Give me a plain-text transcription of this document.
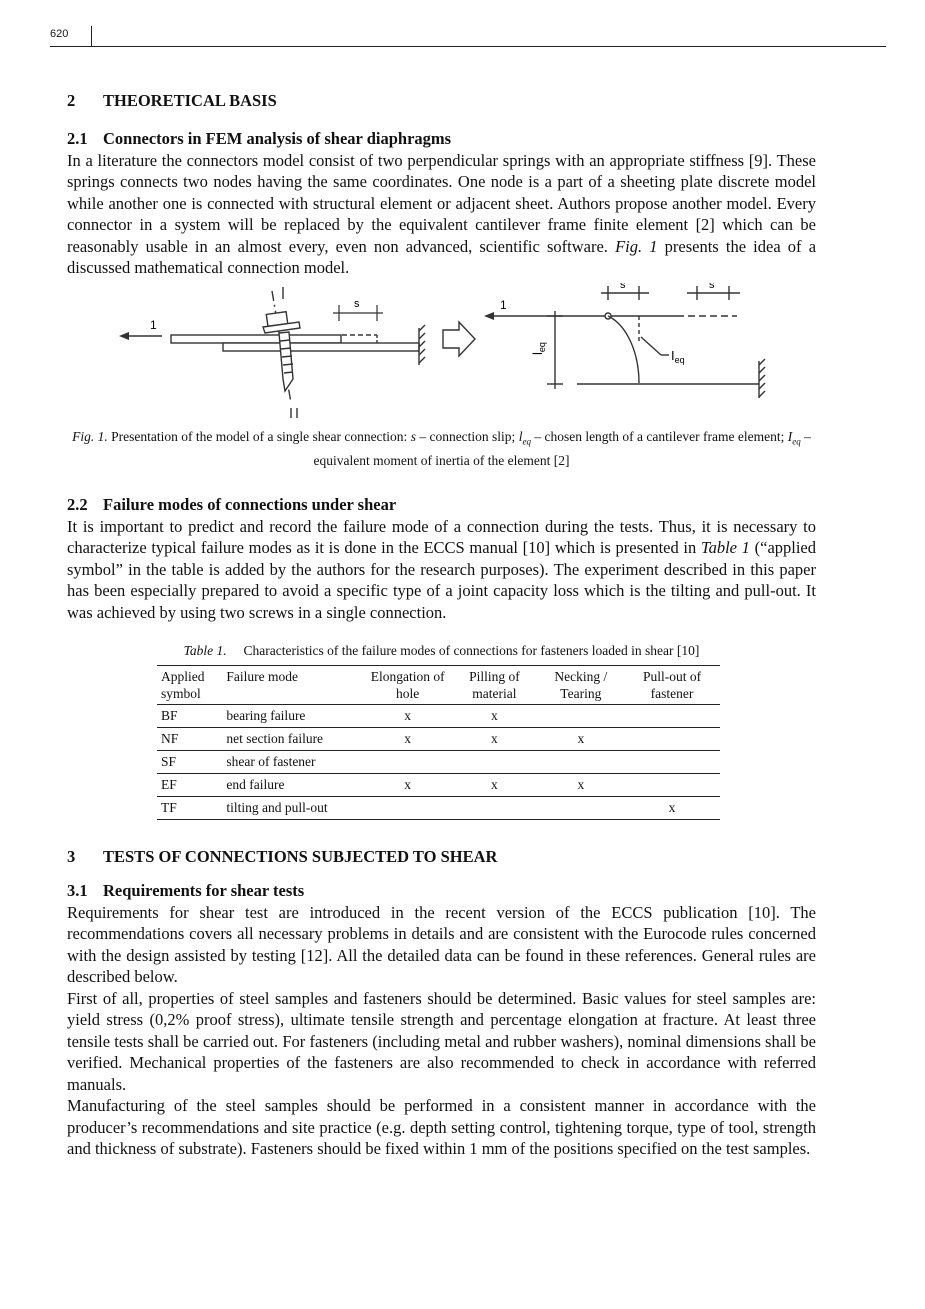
620
2 THEORETICAL BASIS
2.1 Connectors in FEM analysis of shear diaphragms

In a literature the connectors model consist of two perpendicular springs with an appropriate stiffness [9]. These springs connects two nodes having the same coordinates. One node is a part of a sheeting plate discrete model while another one is connected with structural element or adjacent sheet. Authors propose another model. Every connector in a system will be replaced by the equivalent cantilever frame finite element [2] which can be reasonably usable in an almost every, even non advanced, scientific software. Fig. 1 presents the idea of a discussed mathematical connection model.

1
s	1
s	s
$l_{eq}$
$I_{eq}$

Fig. 1. Presentation of the model of a single shear connection: s – connection slip; $l_{eq}$ – chosen length of a cantilever frame element; $I_{eq}$ – equivalent moment of inertia of the element [2]

2.2 Failure modes of connections under shear

It is important to predict and record the failure mode of a connection during the tests. Thus, it is necessary to characterize typical failure modes as it is done in the ECCS manual [10] which is presented in Table 1 (“applied symbol” in the table is added by the authors for the research purposes). The experiment described in this paper has been especially prepared to avoid a specific type of a joint capacity loss which is the tilting and pull-out. It was achieved by using two screws in a single connection.

Table 1. Characteristics of the failure modes of connections for fasteners loaded in shear [10]
Applied symbol	Failure mode	Elongation of hole	Pilling of material	Necking / Tearing	Pull-out of fastener
BF	bearing failure	x	x		
NF	net section failure	x	x	x	
SF	shear of fastener				
EF	end failure	x	x	x	
TF	tilting and pull-out				x
3 TESTS OF CONNECTIONS SUBJECTED TO SHEAR
3.1 Requirements for shear tests

Requirements for shear test are introduced in the recent version of the ECCS publication [10]. The recommendations covers all necessary problems in details and are consistent with the Eurocode rules concerned with the design assisted by testing [12]. All the detailed data can be found in these references. General rules are described below.

First of all, properties of steel samples and fasteners should be determined. Basic values for steel samples are: yield stress (0,2% proof stress), ultimate tensile strength and percentage elongation at fracture. At least three tensile tests shall be carried out. For fasteners (including metal and rubber washers), nominal dimensions shall be verified. Mechanical properties of the fasteners are also recommended to check in accordance with referred manuals.

Manufacturing of the steel samples should be performed in a consistent manner in accordance with the producer’s recommendations and site practice (e.g. depth setting control, tightening torque, type of tool, strength and thickness of substrate). Fasteners should be fixed within 1 mm of the positions specified on the test samples.
